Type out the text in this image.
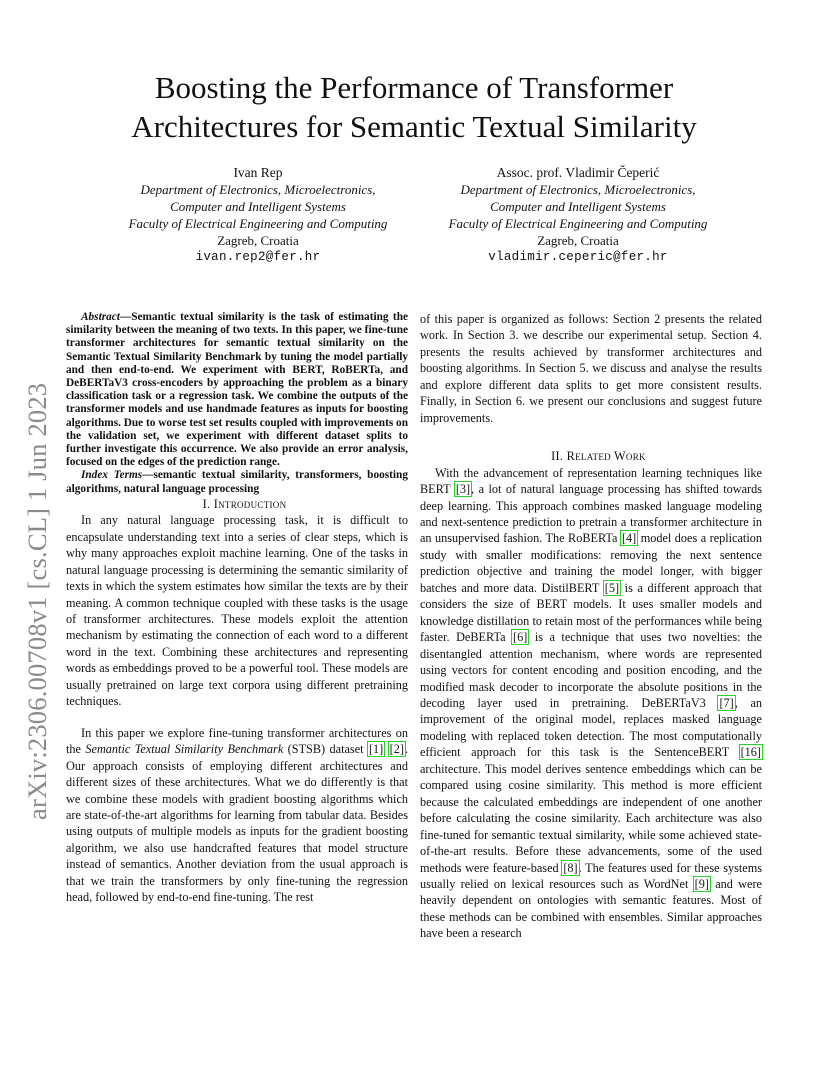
arXiv:2306.00708v1 [cs.CL] 1 Jun 2023
Boosting the Performance of Transformer
Architectures for Semantic Textual Similarity
Ivan Rep
Department of Electronics, Microelectronics,
Computer and Intelligent Systems
Faculty of Electrical Engineering and Computing
Zagreb, Croatia
ivan.rep2@fer.hr
Assoc. prof. Vladimir Čeperić
Department of Electronics, Microelectronics,
Computer and Intelligent Systems
Faculty of Electrical Engineering and Computing
Zagreb, Croatia
vladimir.ceperic@fer.hr

Abstract—Semantic textual similarity is the task of estimating the similarity between the meaning of two texts. In this paper, we fine-tune transformer architectures for semantic textual similarity on the Semantic Textual Similarity Benchmark by tuning the model partially and then end-to-end. We experiment with BERT, RoBERTa, and DeBERTaV3 cross-encoders by approaching the problem as a binary classification task or a regression task. We combine the outputs of the transformer models and use handmade features as inputs for boosting algorithms. Due to worse test set results coupled with improvements on the validation set, we experiment with different dataset splits to further investigate this occurrence. We also provide an error analysis, focused on the edges of the prediction range.

Index Terms—semantic textual similarity, transformers, boosting algorithms, natural language processing

I. Introduction

In any natural language processing task, it is difficult to encapsulate understanding text into a series of clear steps, which is why many approaches exploit machine learning. One of the tasks in natural language processing is determining the semantic similarity of texts in which the system estimates how similar the texts are by their meaning. A common technique coupled with these tasks is the usage of transformer architectures. These models exploit the attention mechanism by estimating the connection of each word to a different word in the text. Combining these architectures and representing words as embeddings proved to be a powerful tool. These models are usually pretrained on large text corpora using different pretraining techniques.

In this paper we explore fine-tuning transformer architectures on the Semantic Textual Similarity Benchmark (STSB) dataset [1] [2]. Our approach consists of employing different architectures and different sizes of these architectures. What we do differently is that we combine these models with gradient boosting algorithms which are state-of-the-art algorithms for learning from tabular data. Besides using outputs of multiple models as inputs for the gradient boosting algorithm, we also use handcrafted features that model structure instead of semantics. Another deviation from the usual approach is that we train the transformers by only fine-tuning the regression head, followed by end-to-end fine-tuning. The rest

of this paper is organized as follows: Section 2 presents the related work. In Section 3. we describe our experimental setup. Section 4. presents the results achieved by transformer architectures and boosting algorithms. In Section 5. we discuss and analyse the results and explore different data splits to get more consistent results. Finally, in Section 6. we present our conclusions and suggest future improvements.

II. Related Work

With the advancement of representation learning techniques like BERT [3], a lot of natural language processing has shifted towards deep learning. This approach combines masked language modeling and next-sentence prediction to pretrain a transformer architecture in an unsupervised fashion. The RoBERTa [4] model does a replication study with smaller modifications: removing the next sentence prediction objective and training the model longer, with bigger batches and more data. DistilBERT [5] is a different approach that considers the size of BERT models. It uses smaller models and knowledge distillation to retain most of the performances while being faster. DeBERTa [6] is a technique that uses two novelties: the disentangled attention mechanism, where words are represented using vectors for content encoding and position encoding, and the modified mask decoder to incorporate the absolute positions in the decoding layer used in pretraining. DeBERTaV3 [7], an improvement of the original model, replaces masked language modeling with replaced token detection. The most computationally efficient approach for this task is the SentenceBERT [16] architecture. This model derives sentence embeddings which can be compared using cosine similarity. This method is more efficient because the calculated embeddings are independent of one another before calculating the cosine similarity. Each architecture was also fine-tuned for semantic textual similarity, while some achieved state-of-the-art results. Before these advancements, some of the used methods were feature-based [8]. The features used for these systems usually relied on lexical resources such as WordNet [9] and were heavily dependent on ontologies with semantic features. Most of these methods can be combined with ensembles. Similar approaches have been a research
